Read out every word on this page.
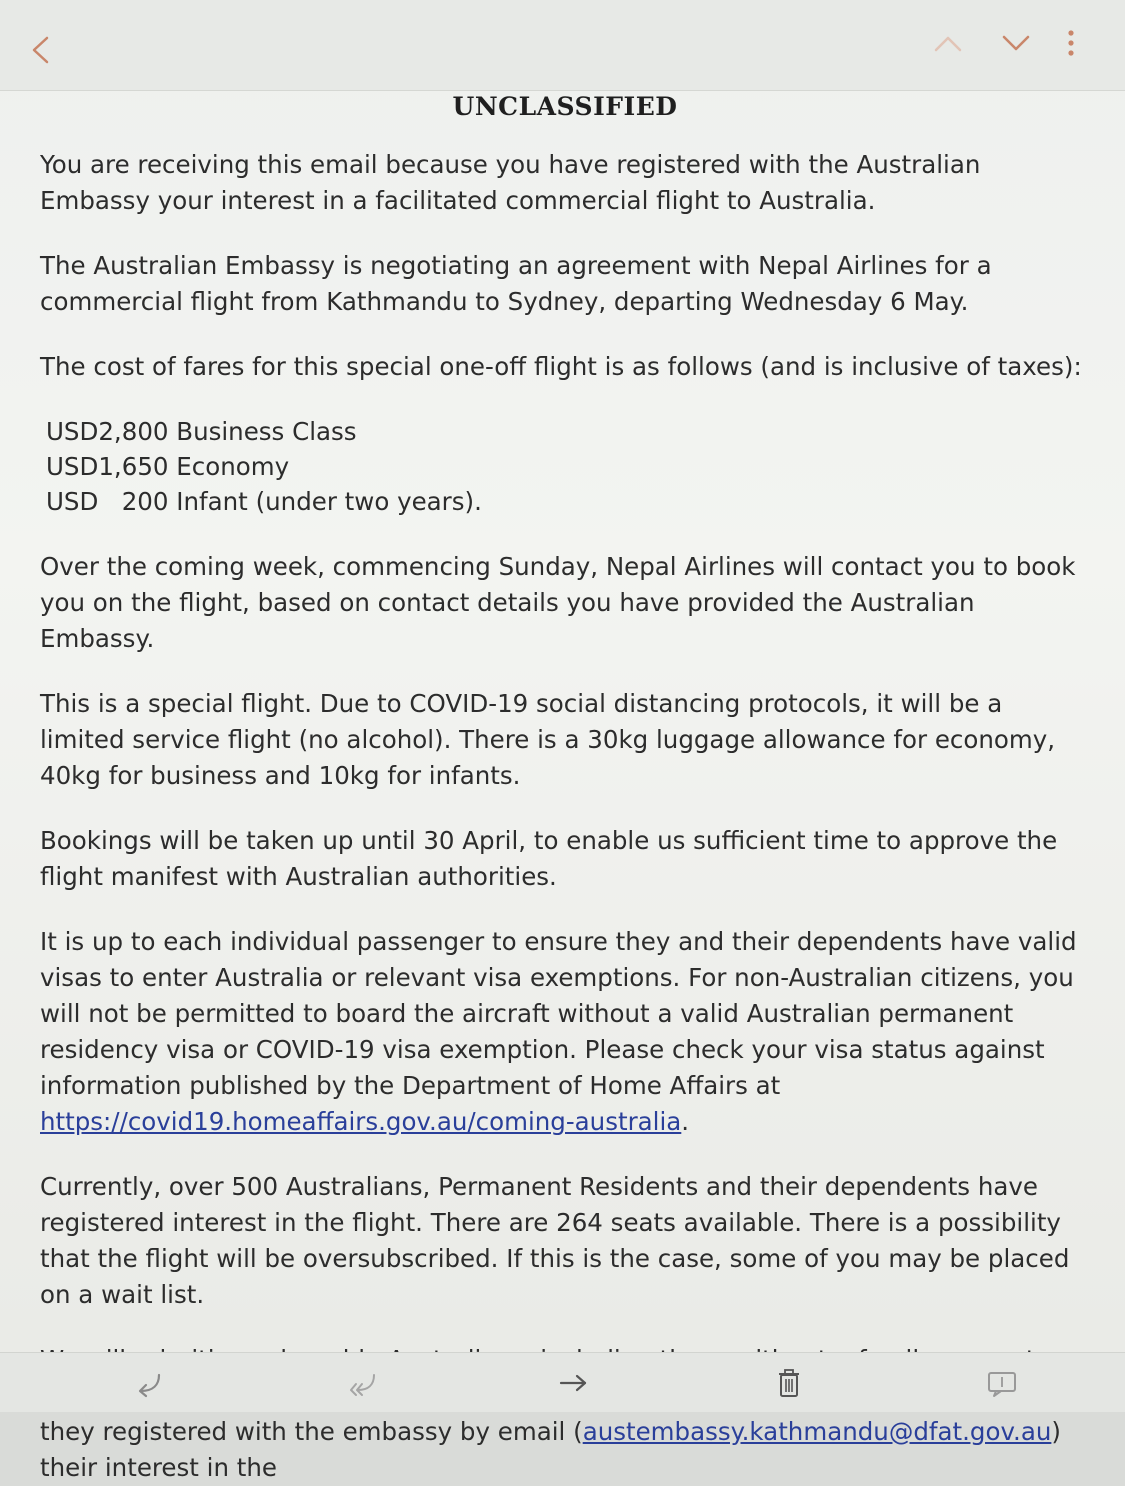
UNCLASSIFIED

You are receiving this email because you have registered with the Australian Embassy your interest in a facilitated commercial flight to Australia.

The Australian Embassy is negotiating an agreement with Nepal Airlines for a commercial flight from Kathmandu to Sydney, departing Wednesday 6 May.

The cost of fares for this special one-off flight is as follows (and is inclusive of taxes):

USD2,800 Business Class
USD1,650 Economy
USD   200 Infant (under two years).

Over the coming week, commencing Sunday, Nepal Airlines will contact you to book you on the flight, based on contact details you have provided the Australian Embassy.

This is a special flight. Due to COVID-19 social distancing protocols, it will be a limited service flight (no alcohol). There is a 30kg luggage allowance for economy, 40kg for business and 10kg for infants.

Bookings will be taken up until 30 April, to enable us sufficient time to approve the flight manifest with Australian authorities.

It is up to each individual passenger to ensure they and their dependents have valid visas to enter Australia or relevant visa exemptions. For non-Australian citizens, you will not be permitted to board the aircraft without a valid Australian permanent residency visa or COVID-19 visa exemption. Please check your visa status against information published by the Department of Home Affairs at https://covid19.homeaffairs.gov.au/coming-australia.

Currently, over 500 Australians, Permanent Residents and their dependents have registered interest in the flight. There are 264 seats available. There is a possibility that the flight will be oversubscribed. If this is the case, some of you may be placed on a wait list.

they registered with the embassy by email (austembassy.kathmandu@dfat.gov.au) their interest in the
